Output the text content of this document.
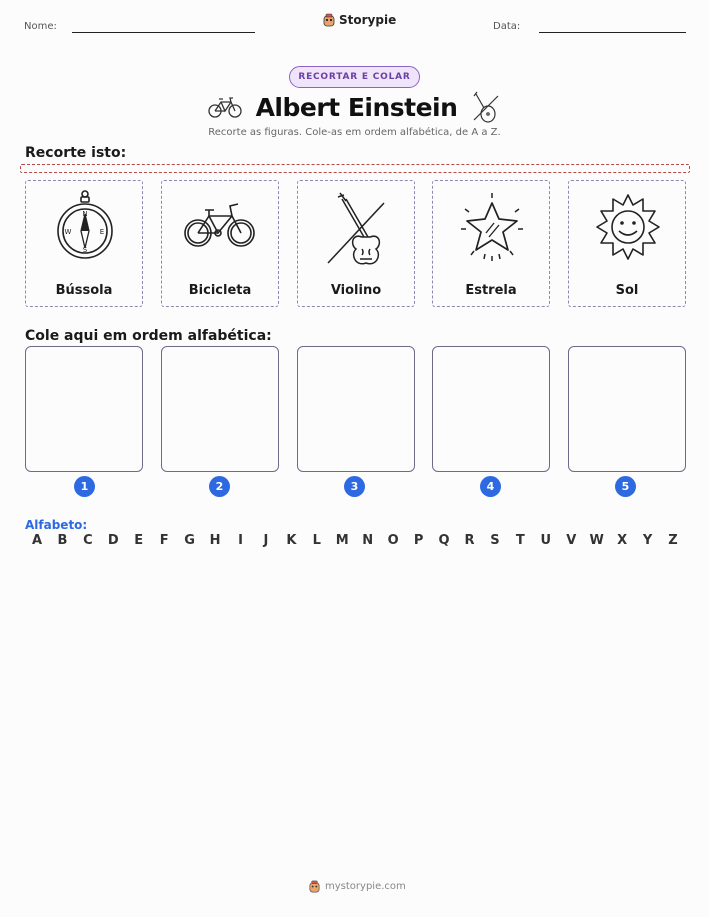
Nome:	Storypie	Data:
RECORTAR E COLAR
Albert Einstein
Recorte as figuras. Cole-as em ordem alfabética, de A a Z.
Recorte isto:
N
S
W	E
Bússola	Bicicleta	Violino	Estrela	Sol
Cole aqui em ordem alfabética:
1	2	3	4	5
Alfabeto:
A	B	C	D	E	F	G	H	I	J	K	L	M	N	O	P	Q	R	S	T	U	V	W	X	Y	Z
mystorypie.com
